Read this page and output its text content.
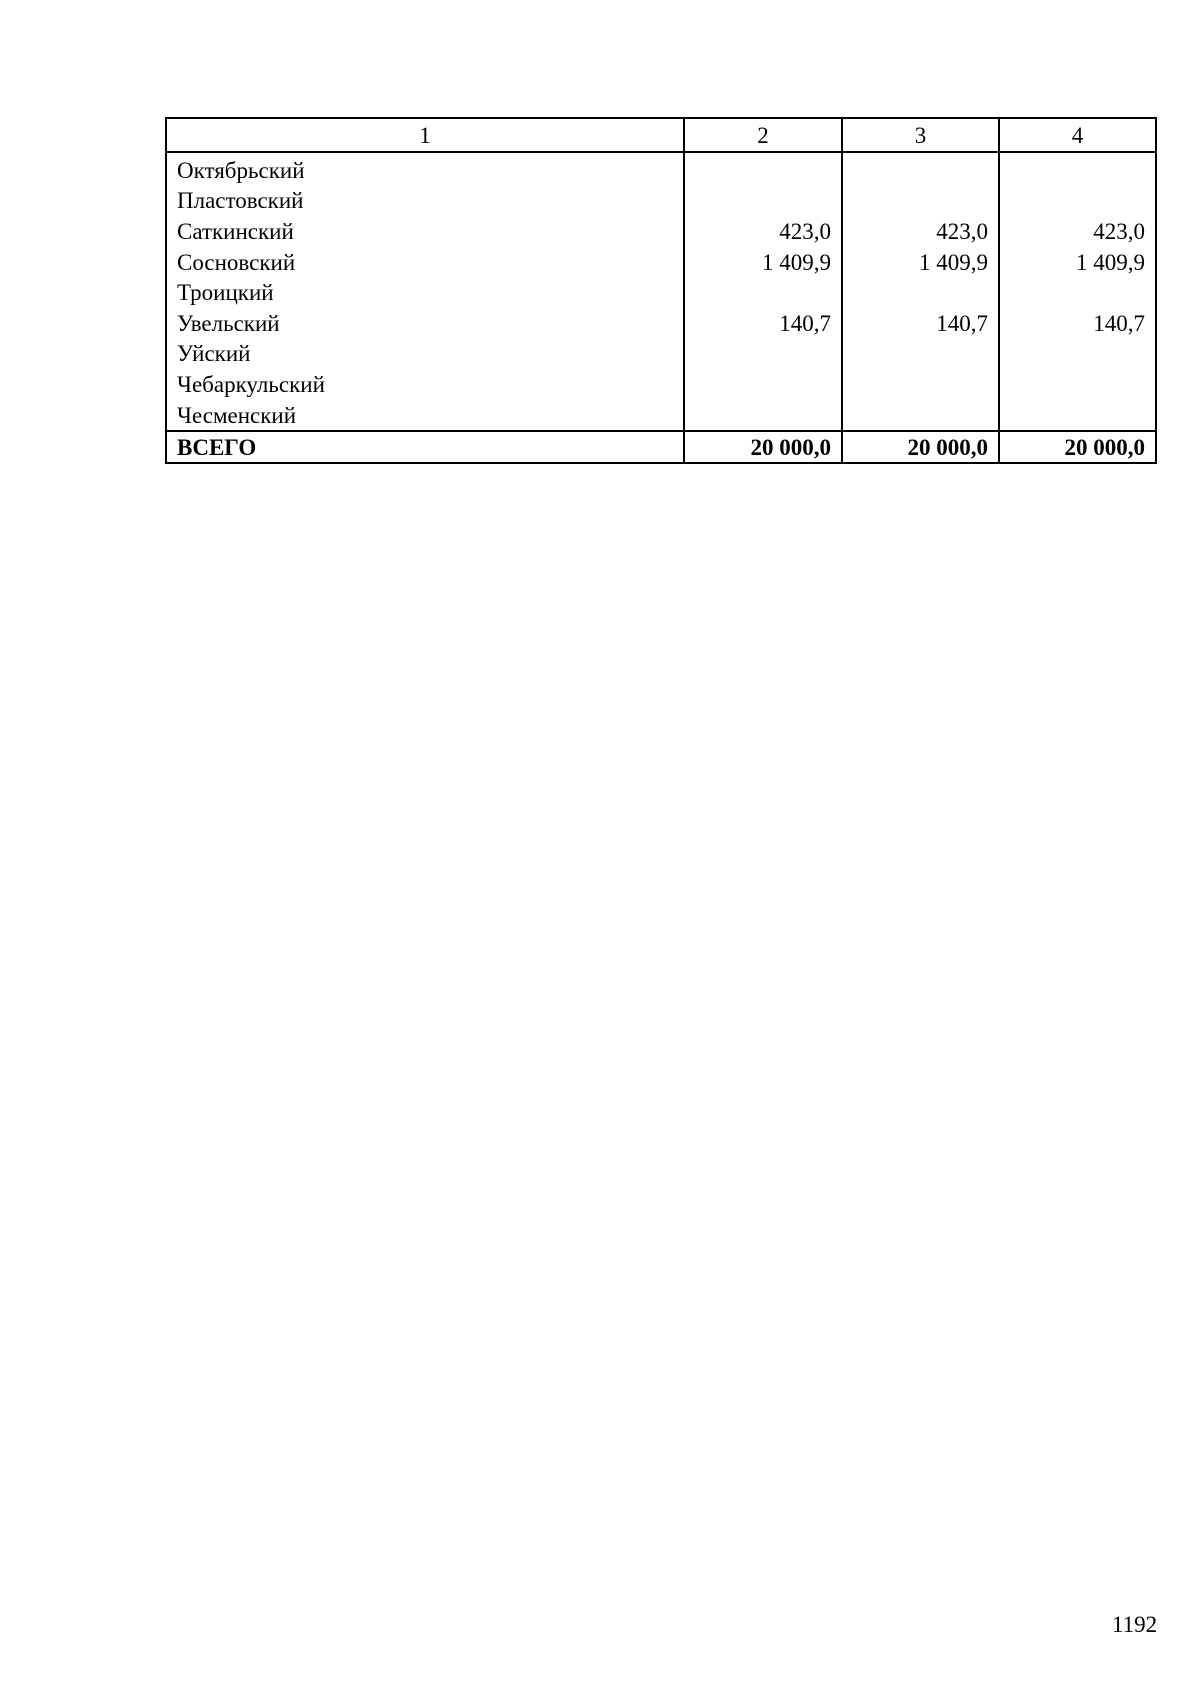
1	2	3	4
Октябрьский			
Пластовский			
Саткинский	423,0	423,0	423,0
Сосновский	1 409,9	1 409,9	1 409,9
Троицкий			
Увельский	140,7	140,7	140,7
Уйский			
Чебаркульский			
Чесменский			
ВСЕГО	20 000,0	20 000,0	20 000,0
1192
